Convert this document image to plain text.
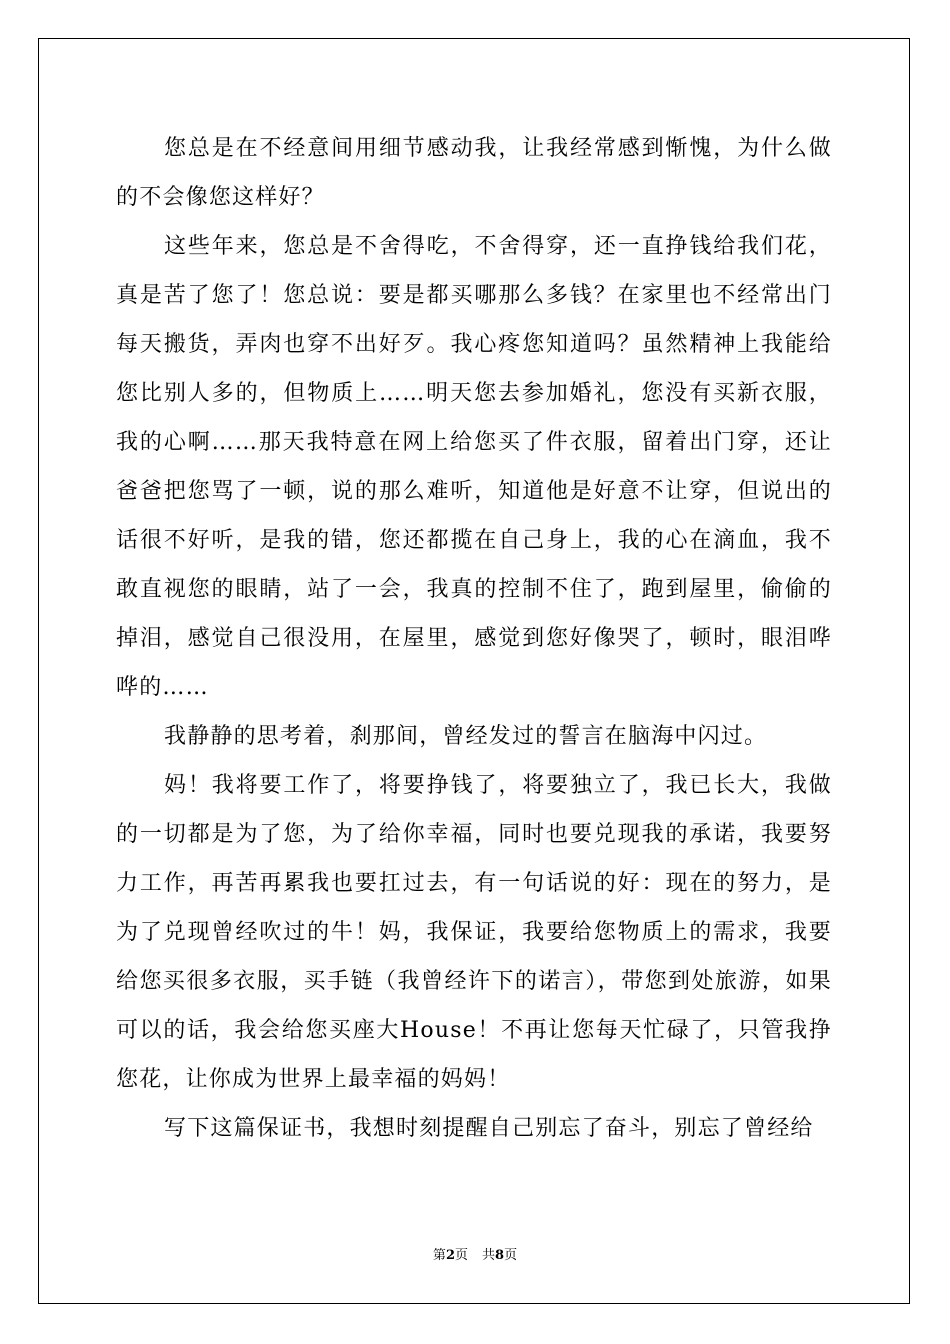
您总是在不经意间用细节感动我，让我经常感到惭愧，为什么做的不会像您这样好？

这些年来，您总是不舍得吃，不舍得穿，还一直挣钱给我们花，真是苦了您了！您总说：要是都买哪那么多钱？在家里也不经常出门每天搬货，弄肉也穿不出好歹。我心疼您知道吗？虽然精神上我能给您比别人多的，但物质上……明天您去参加婚礼，您没有买新衣服，我的心啊……那天我特意在网上给您买了件衣服，留着出门穿，还让爸爸把您骂了一顿，说的那么难听，知道他是好意不让穿，但说出的话很不好听，是我的错，您还都揽在自己身上，我的心在滴血，我不敢直视您的眼睛，站了一会，我真的控制不住了，跑到屋里，偷偷的掉泪，感觉自己很没用，在屋里，感觉到您好像哭了，顿时，眼泪哗哗的……

我静静的思考着，刹那间，曾经发过的誓言在脑海中闪过。

妈！我将要工作了，将要挣钱了，将要独立了，我已长大，我做的一切都是为了您，为了给你幸福，同时也要兑现我的承诺，我要努力工作，再苦再累我也要扛过去，有一句话说的好：现在的努力，是为了兑现曾经吹过的牛！妈，我保证，我要给您物质上的需求，我要给您买很多衣服，买手链（我曾经许下的诺言），带您到处旅游，如果可以的话，我会给您买座大House！不再让您每天忙碌了，只管我挣您花，让你成为世界上最幸福的妈妈！

写下这篇保证书，我想时刻提醒自己别忘了奋斗，别忘了曾经给

第2页 共8页
